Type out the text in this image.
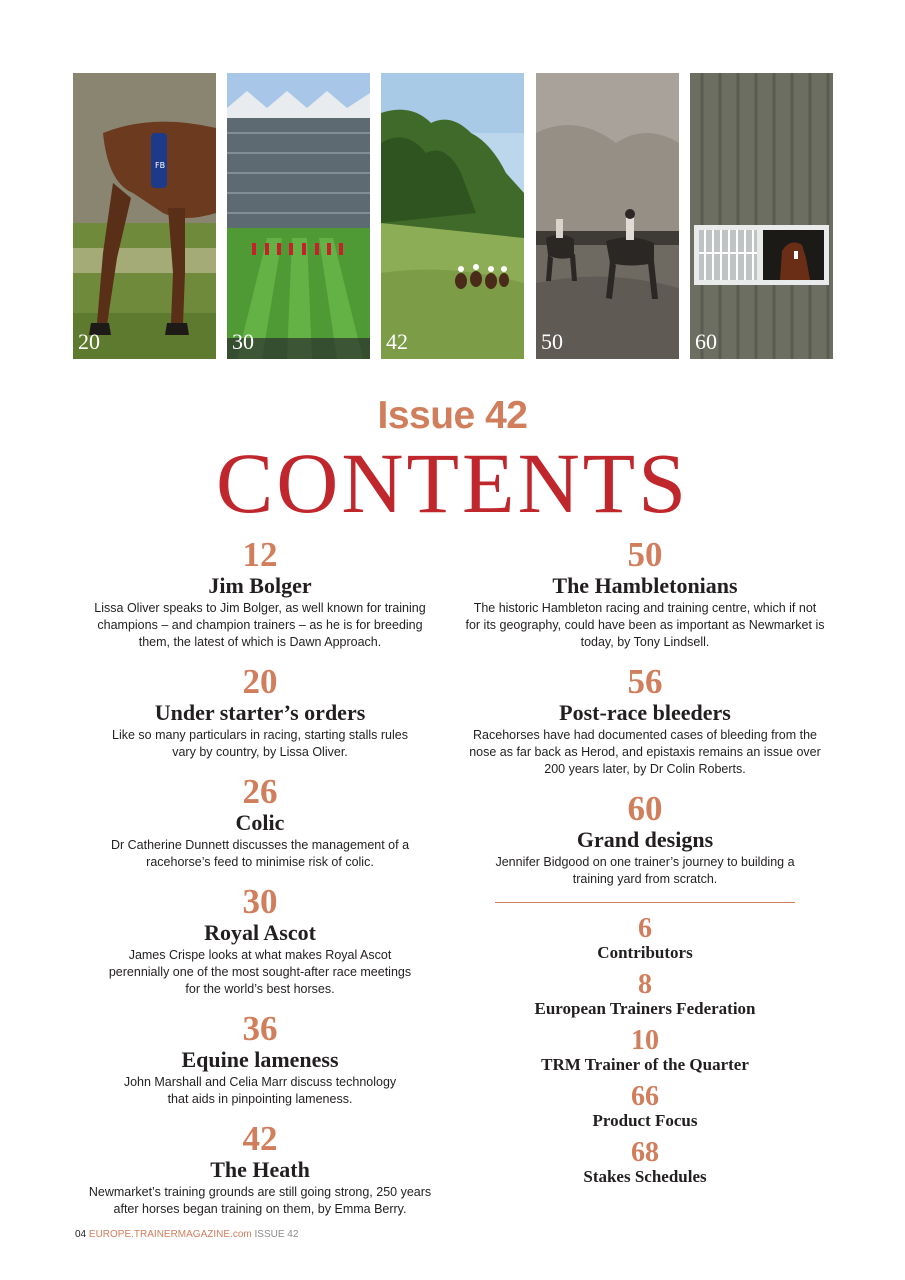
FB
20	30	42	50	60
Issue 42
CONTENTS
12
Jim Bolger
Lissa Oliver speaks to Jim Bolger, as well known for training champions – and champion trainers – as he is for breeding them, the latest of which is Dawn Approach.
20
Under starter’s orders
Like so many particulars in racing, starting stalls rules vary by country, by Lissa Oliver.
26
Colic
Dr Catherine Dunnett discusses the management of a racehorse’s feed to minimise risk of colic.
30
Royal Ascot
James Crispe looks at what makes Royal Ascot perennially one of the most sought-after race meetings for the world’s best horses.
36
Equine lameness
John Marshall and Celia Marr discuss technology that aids in pinpointing lameness.
42
The Heath
Newmarket’s training grounds are still going strong, 250 years after horses began training on them, by Emma Berry.
50
The Hambletonians
The historic Hambleton racing and training centre, which if not for its geography, could have been as important as Newmarket is today, by Tony Lindsell.
56
Post-race bleeders
Racehorses have had documented cases of bleeding from the nose as far back as Herod, and epistaxis remains an issue over 200 years later, by Dr Colin Roberts.
60
Grand designs
Jennifer Bidgood on one trainer’s journey to building a training yard from scratch.
6
Contributors
8
European Trainers Federation
10
TRM Trainer of the Quarter
66
Product Focus
68
Stakes Schedules
04 EUROPE.TRAINERMAGAZINE.com ISSUE 42
